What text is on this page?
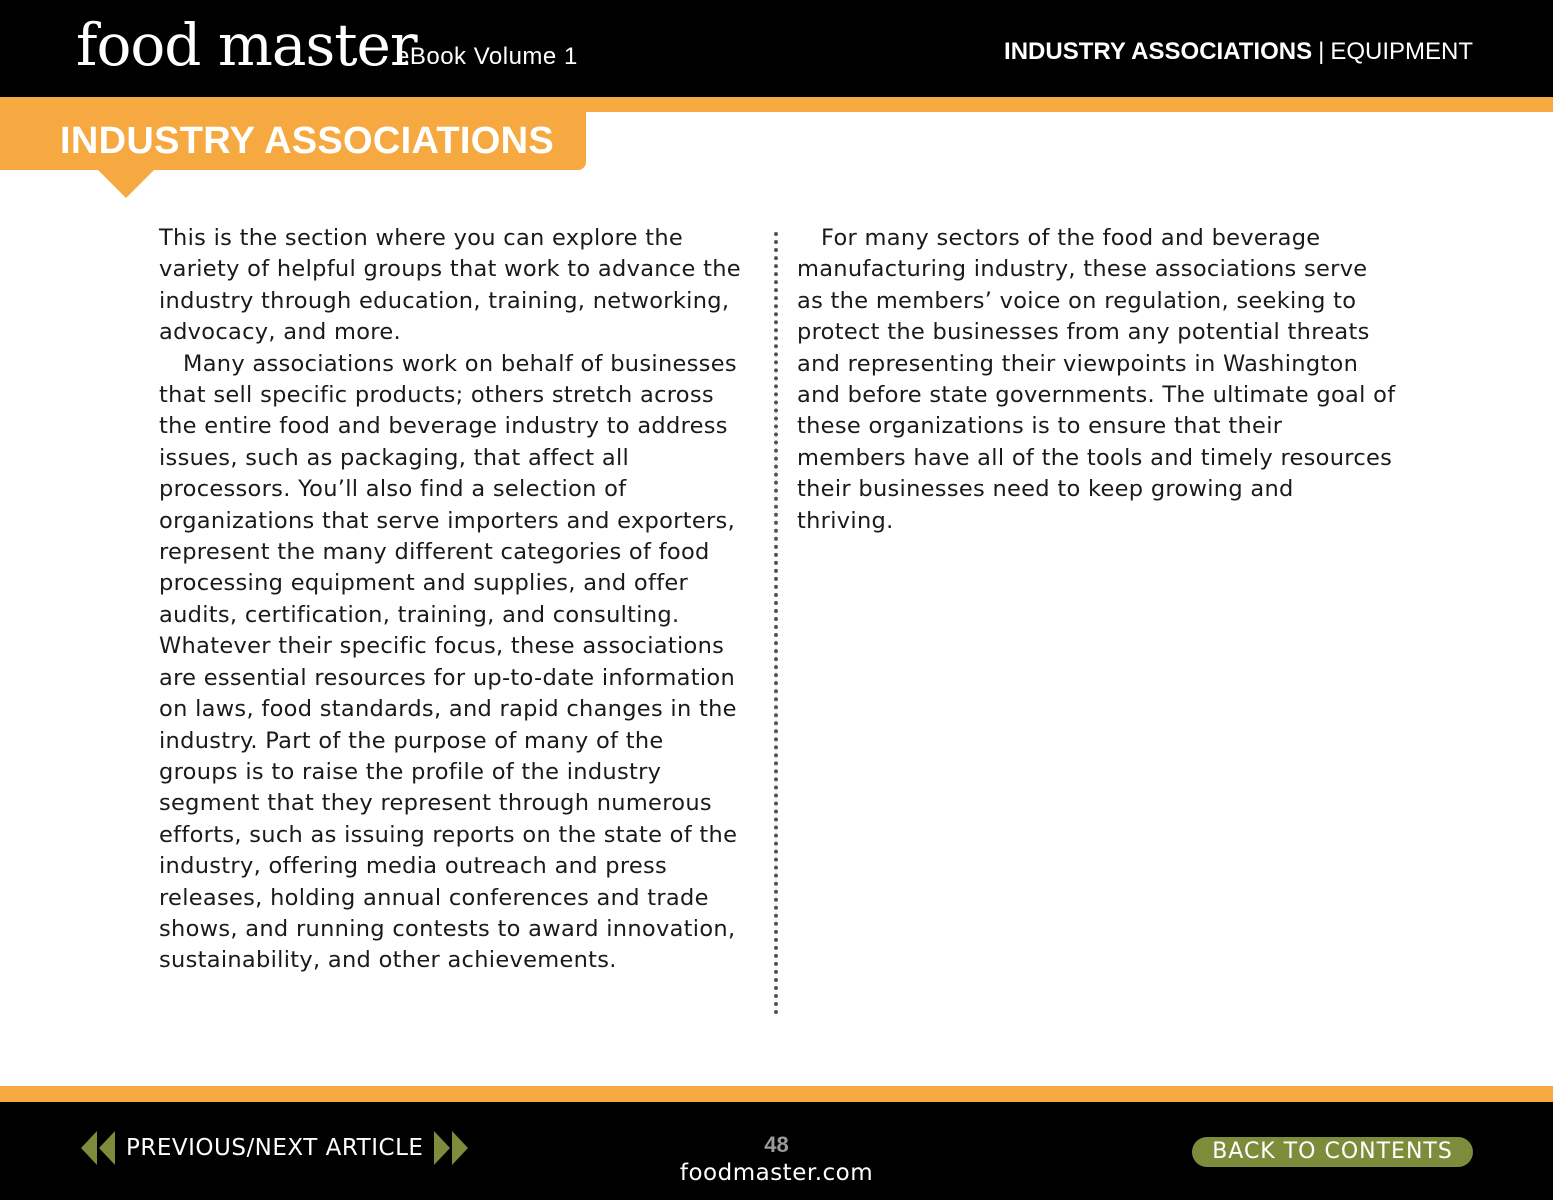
food master
eBook Volume 1	INDUSTRY ASSOCIATIONS | EQUIPMENT
INDUSTRY ASSOCIATIONS

This is the section where you can explore the variety of helpful groups that work to advance the industry through education, training, networking, advocacy, and more.

Many associations work on behalf of businesses that sell specific products; others stretch across the entire food and beverage industry to address issues, such as packaging, that affect all processors. You’ll also find a selection of organizations that serve importers and exporters, represent the many different categories of food processing equipment and supplies, and offer audits, certification, training, and consulting. Whatever their specific focus, these associations are essential resources for up-to-date information on laws, food standards, and rapid changes in the industry. Part of the purpose of many of the groups is to raise the profile of the industry segment that they represent through numerous efforts, such as issuing reports on the state of the industry, offering media outreach and press releases, holding annual conferences and trade shows, and running contests to award innovation, sustainability, and other achievements.

For many sectors of the food and beverage manufacturing industry, these associations serve as the members’ voice on regulation, seeking to protect the businesses from any potential threats and representing their viewpoints in Washington and before state governments. The ultimate goal of these organizations is to ensure that their members have all of the tools and timely resources their businesses need to keep growing and thriving.

PREVIOUS/NEXT ARTICLE	48
foodmaster.com
BACK TO CONTENTS
